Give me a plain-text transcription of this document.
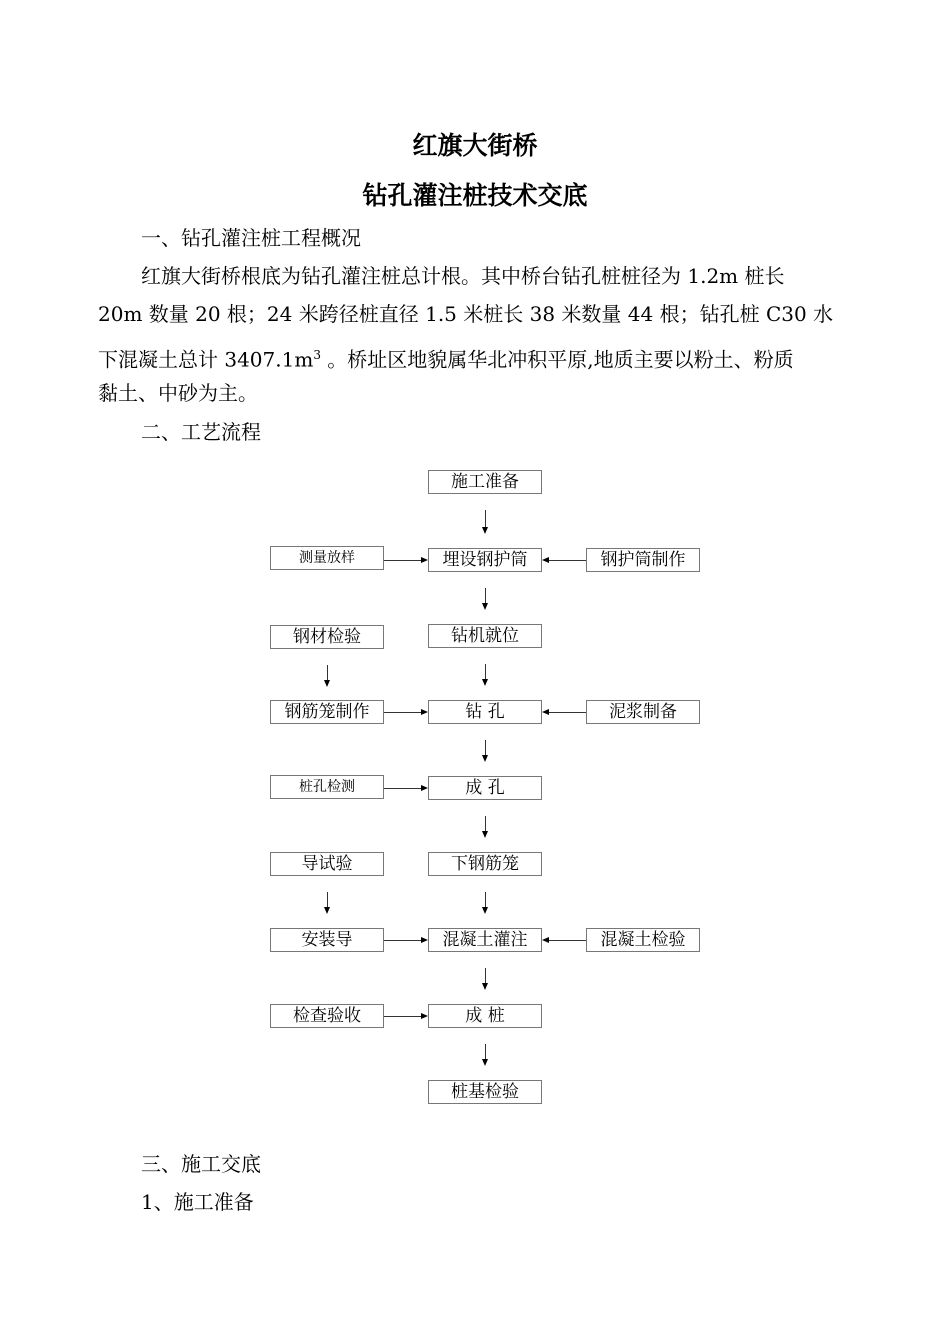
红旗大街桥
钻孔灌注桩技术交底
一、钻孔灌注桩工程概况
红旗大街桥根底为钻孔灌注桩总计根。其中桥台钻孔桩桩径为 1.2m 桩长
20m 数量 20 根；24 米跨径桩直径 1.5 米桩长 38 米数量 44 根；钻孔桩 C30 水
下混凝土总计 $3407.1m^3$ 。桥址区地貌属华北冲积平原,地质主要以粉土、粉质
黏土、中砂为主。
二、工艺流程
施工准备
埋设钢护筒
钻机就位
钻 孔
成 孔
下钢筋笼
混凝土灌注
成 桩
桩基检验
测量放样
钢材检验
钢筋笼制作
桩孔检测
导试验
安装导
检查验收
钢护筒制作
泥浆制备
混凝土检验
三、施工交底
1、施工准备
